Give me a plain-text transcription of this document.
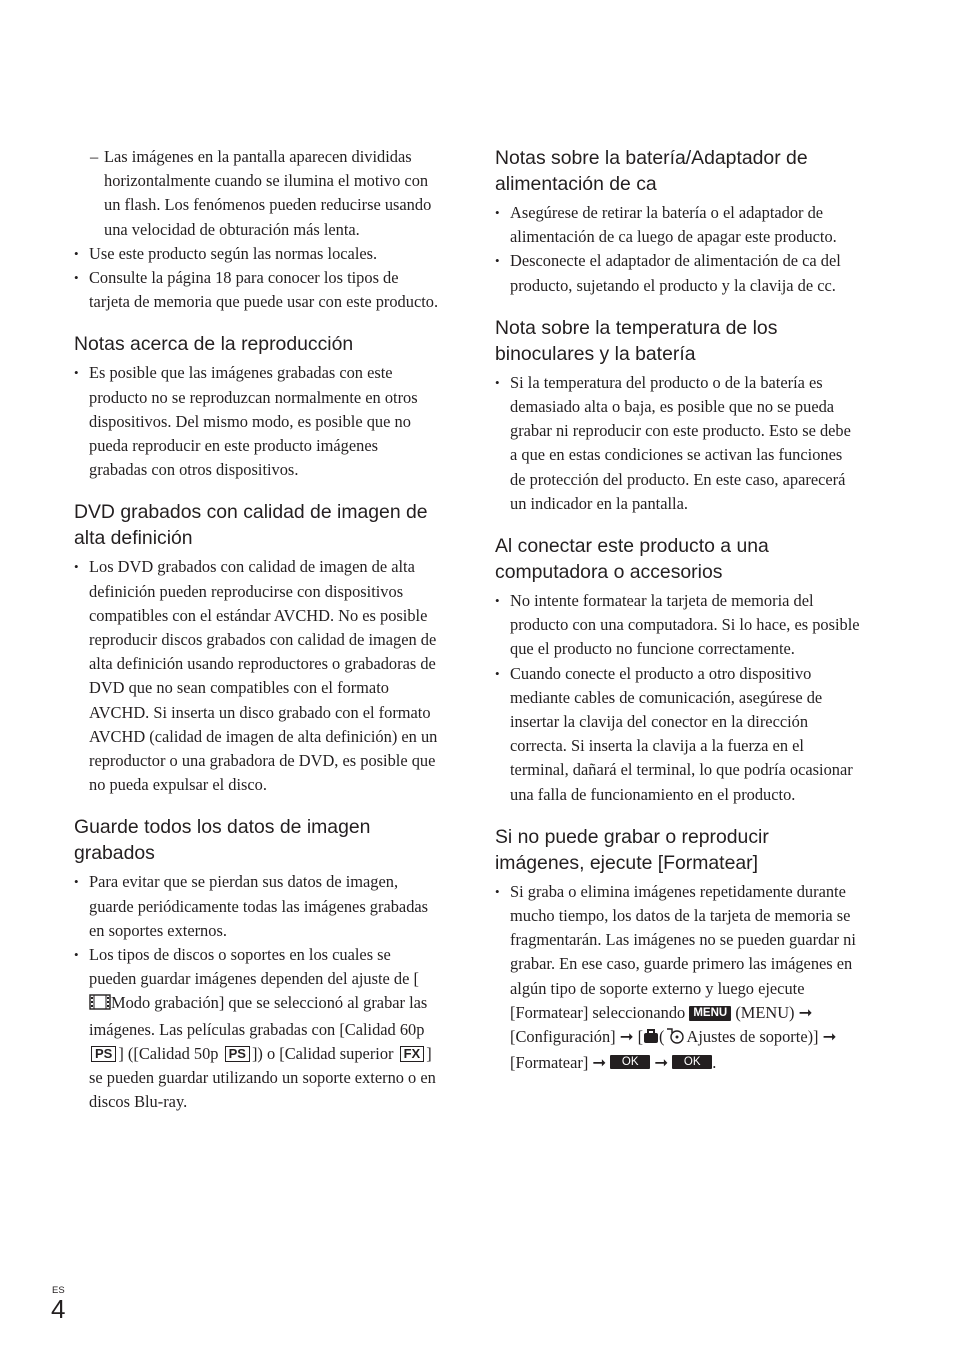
– Las imágenes en la pantalla aparecen divididas horizontalmente cuando se ilumina el motivo con un flash. Los fenómenos pueden reducirse usando una velocidad de obturación más lenta.
• Use este producto según las normas locales.
• Consulte la página 18 para conocer los tipos de tarjeta de memoria que puede usar con este producto.
Notas acerca de la reproducción
• Es posible que las imágenes grabadas con este producto no se reproduzcan normalmente en otros dispositivos. Del mismo modo, es posible que no pueda reproducir en este producto imágenes grabadas con otros dispositivos.
DVD grabados con calidad de imagen de alta definición
• Los DVD grabados con calidad de imagen de alta definición pueden reproducirse con dispositivos compatibles con el estándar AVCHD. No es posible reproducir discos grabados con calidad de imagen de alta definición usando reproductores o grabadoras de DVD que no sean compatibles con el formato AVCHD. Si inserta un disco grabado con el formato AVCHD (calidad de imagen de alta definición) en un reproductor o una grabadora de DVD, es posible que no pueda expulsar el disco.
Guarde todos los datos de imagen grabados
• Para evitar que se pierdan sus datos de imagen, guarde periódicamente todas las imágenes grabadas en soportes externos.
• Los tipos de discos o soportes en los cuales se pueden guardar imágenes dependen del ajuste de [Modo grabación] que se seleccionó al grabar las imágenes. Las películas grabadas con [Calidad 60p PS ] ([Calidad 50p PS ]) o [Calidad superior FX ] se pueden guardar utilizando un soporte externo o en discos Blu-ray.
Notas sobre la batería/Adaptador de alimentación de ca
• Asegúrese de retirar la batería o el adaptador de alimentación de ca luego de apagar este producto.
• Desconecte el adaptador de alimentación de ca del producto, sujetando el producto y la clavija de cc.
Nota sobre la temperatura de los binoculares y la batería
• Si la temperatura del producto o de la batería es demasiado alta o baja, es posible que no se pueda grabar ni reproducir con este producto. Esto se debe a que en estas condiciones se activan las funciones de protección del producto. En este caso, aparecerá un indicador en la pantalla.
Al conectar este producto a una computadora o accesorios
• No intente formatear la tarjeta de memoria del producto con una computadora. Si lo hace, es posible que el producto no funcione correctamente.
• Cuando conecte el producto a otro dispositivo mediante cables de comunicación, asegúrese de insertar la clavija del conector en la dirección correcta. Si inserta la clavija a la fuerza en el terminal, dañará el terminal, lo que podría ocasionar una falla de funcionamiento en el producto.
Si no puede grabar o reproducir imágenes, ejecute [Formatear]
• Si graba o elimina imágenes repetidamente durante mucho tiempo, los datos de la tarjeta de memoria se fragmentarán. Las imágenes no se pueden guardar ni grabar. En ese caso, guarde primero las imágenes en algún tipo de soporte externo y luego ejecute [Formatear] seleccionando MENU (MENU) ➞ [Configuración] ➞ [ ( Ajustes de soporte)] ➞ [Formatear] ➞ OK ➞ OK .
ES
4
